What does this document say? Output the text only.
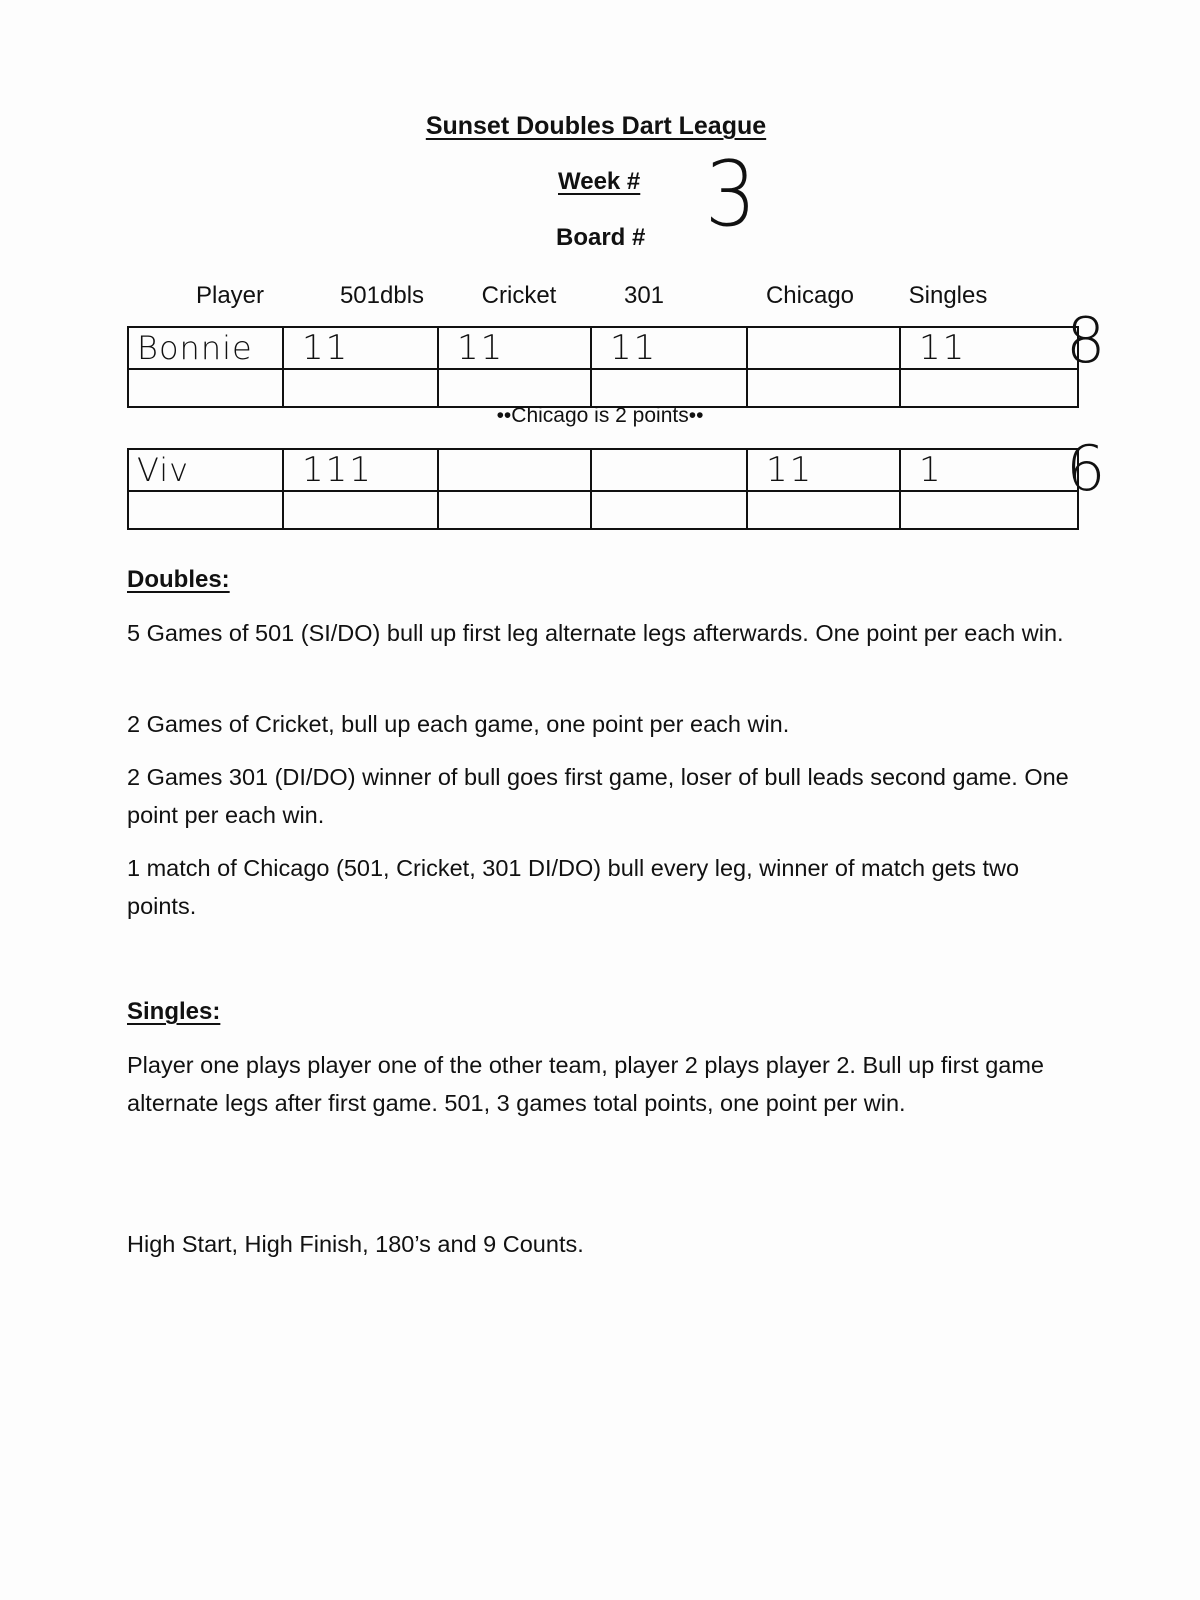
Sunset Doubles Dart League
Week # 3
Board #
Player	501dbls Cricket	301	Chicago Singles
Bonnie	11	11	11		11
					8
••Chicago is 2 points••
Viv	111			11	1
					6
Doubles:
5 Games of 501 (SI/DO) bull up first leg alternate legs afterwards. One point per each win.
2 Games of Cricket, bull up each game, one point per each win.
2 Games 301 (DI/DO) winner of bull goes first game, loser of bull leads second game. One point per each win.
1 match of Chicago (501, Cricket, 301 DI/DO) bull every leg, winner of match gets two points.
Singles:
Player one plays player one of the other team, player 2 plays player 2. Bull up first game alternate legs after first game. 501, 3 games total points, one point per win.
High Start, High Finish, 180’s and 9 Counts.
